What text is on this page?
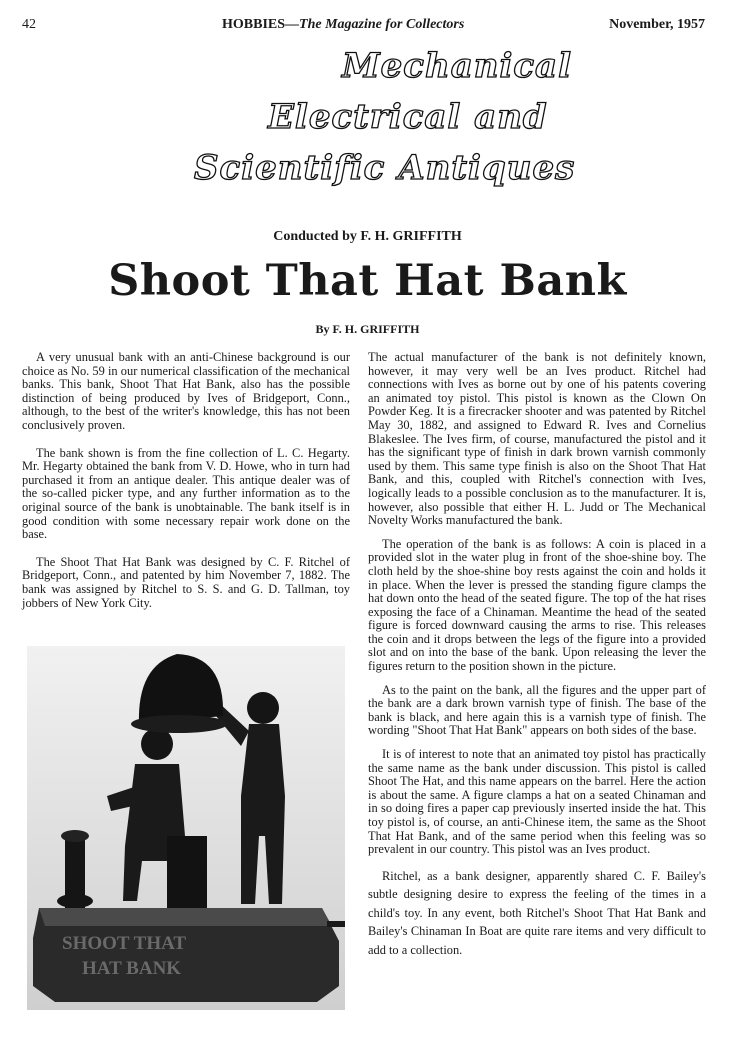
42	HOBBIES—The Magazine for Collectors	November, 1957
Mechanical
Electrical and
Scientific Antiques
Conducted by F. H. GRIFFITH
Shoot That Hat Bank
By F. H. GRIFFITH

A very unusual bank with an anti-Chinese background is our choice as No. 59 in our numerical classification of the mechanical banks. This bank, Shoot That Hat Bank, also has the possible distinction of being produced by Ives of Bridgeport, Conn., although, to the best of the writer's knowledge, this has not been conclusively proven.

The bank shown is from the fine collection of L. C. Hegarty. Mr. Hegarty obtained the bank from V. D. Howe, who in turn had purchased it from an antique dealer. This antique dealer was of the so-called picker type, and any further information as to the original source of the bank is unobtainable. The bank itself is in good condition with some necessary repair work done on the base.

The Shoot That Hat Bank was designed by C. F. Ritchel of Bridgeport, Conn., and patented by him November 7, 1882. The bank was assigned by Ritchel to S. S. and G. D. Tallman, toy jobbers of New York City.

SHOOT THAT
HAT BANK

The actual manufacturer of the bank is not definitely known, however, it may very well be an Ives product. Ritchel had connections with Ives as borne out by one of his patents covering an animated toy pistol. This pistol is known as the Clown On Powder Keg. It is a firecracker shooter and was patented by Ritchel May 30, 1882, and assigned to Edward R. Ives and Cornelius Blakeslee. The Ives firm, of course, manufactured the pistol and it has the significant type of finish in dark brown varnish commonly used by them. This same type finish is also on the Shoot That Hat Bank, and this, coupled with Ritchel's connection with Ives, logically leads to a possible conclusion as to the manufacturer. It is, however, also possible that either H. L. Judd or The Mechanical Novelty Works manufactured the bank.

The operation of the bank is as follows: A coin is placed in a provided slot in the water plug in front of the shoe-shine boy. The cloth held by the shoe-shine boy rests against the coin and holds it in place. When the lever is pressed the standing figure clamps the hat down onto the head of the seated figure. The top of the hat rises exposing the face of a Chinaman. Meantime the head of the seated figure is forced downward causing the arms to rise. This releases the coin and it drops between the legs of the figure into a provided slot and on into the base of the bank. Upon releasing the lever the figures return to the position shown in the picture.

As to the paint on the bank, all the figures and the upper part of the bank are a dark brown varnish type of finish. The base of the bank is black, and here again this is a varnish type of finish. The wording "Shoot That Hat Bank" appears on both sides of the base.

It is of interest to note that an animated toy pistol has practically the same name as the bank under discussion. This pistol is called Shoot The Hat, and this name appears on the barrel. Here the action is about the same. A figure clamps a hat on a seated Chinaman and in so doing fires a paper cap previously inserted inside the hat. This toy pistol is, of course, an anti-Chinese item, the same as the Shoot That Hat Bank, and of the same period when this feeling was so prevalent in our country. This pistol was an Ives product.

Ritchel, as a bank designer, apparently shared C. F. Bailey's subtle designing desire to express the feeling of the times in a child's toy. In any event, both Ritchel's Shoot That Hat Bank and Bailey's Chinaman In Boat are quite rare items and very difficult to add to a collection.
